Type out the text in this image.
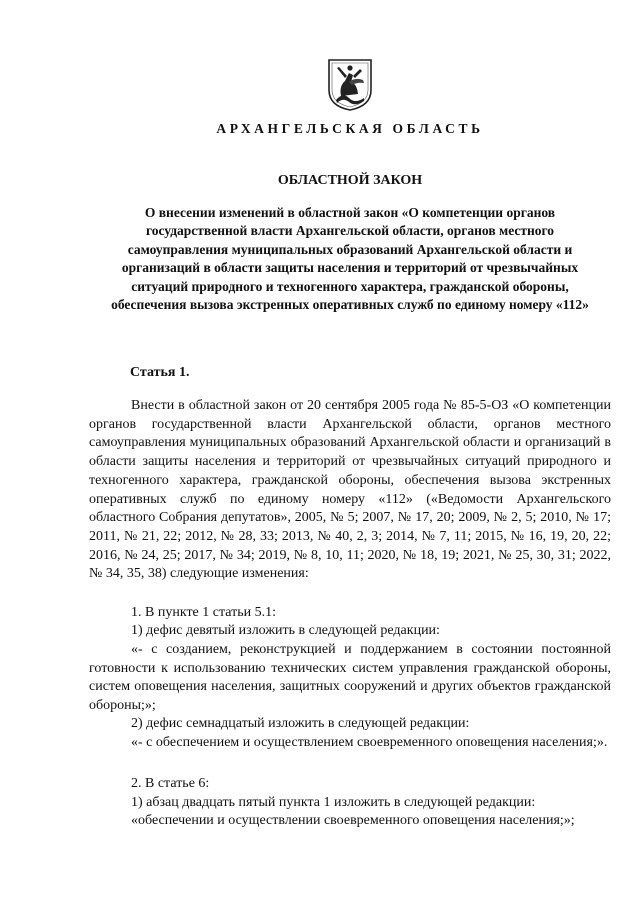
АРХАНГЕЛЬСКАЯ ОБЛАСТЬ
ОБЛАСТНОЙ ЗАКОН
О внесении изменений в областной закон «О компетенции органов государственной власти Архангельской области, органов местного самоуправления муниципальных образований Архангельской области и организаций в области защиты населения и территорий от чрезвычайных ситуаций природного и техногенного характера, гражданской обороны, обеспечения вызова экстренных оперативных служб по единому номеру «112»
Статья 1.
Внести в областной закон от 20 сентября 2005 года № 85-5-ОЗ «О компетенции органов государственной власти Архангельской области, органов местного самоуправления муниципальных образований Архангельской области и организаций в области защиты населения и территорий от чрезвычайных ситуаций природного и техногенного характера, гражданской обороны, обеспечения вызова экстренных оперативных служб по единому номеру «112» («Ведомости Архангельского областного Собрания депутатов», 2005, № 5; 2007, № 17, 20; 2009, № 2, 5; 2010, № 17; 2011, № 21, 22; 2012, № 28, 33; 2013, № 40, 2, 3; 2014, № 7, 11; 2015, № 16, 19, 20, 22; 2016, № 24, 25; 2017, № 34; 2019, № 8, 10, 11; 2020, № 18, 19; 2021, № 25, 30, 31; 2022, № 34, 35, 38) следующие изменения:
1. В пункте 1 статьи 5.1:
1) дефис девятый изложить в следующей редакции:
«- с созданием, реконструкцией и поддержанием в состоянии постоянной готовности к использованию технических систем управления гражданской обороны, систем оповещения населения, защитных сооружений и других объектов гражданской обороны;»;
2) дефис семнадцатый изложить в следующей редакции:
«- с обеспечением и осуществлением своевременного оповещения населения;».
2. В статье 6:
1) абзац двадцать пятый пункта 1 изложить в следующей редакции:
«обеспечении и осуществлении своевременного оповещения населения;»;
